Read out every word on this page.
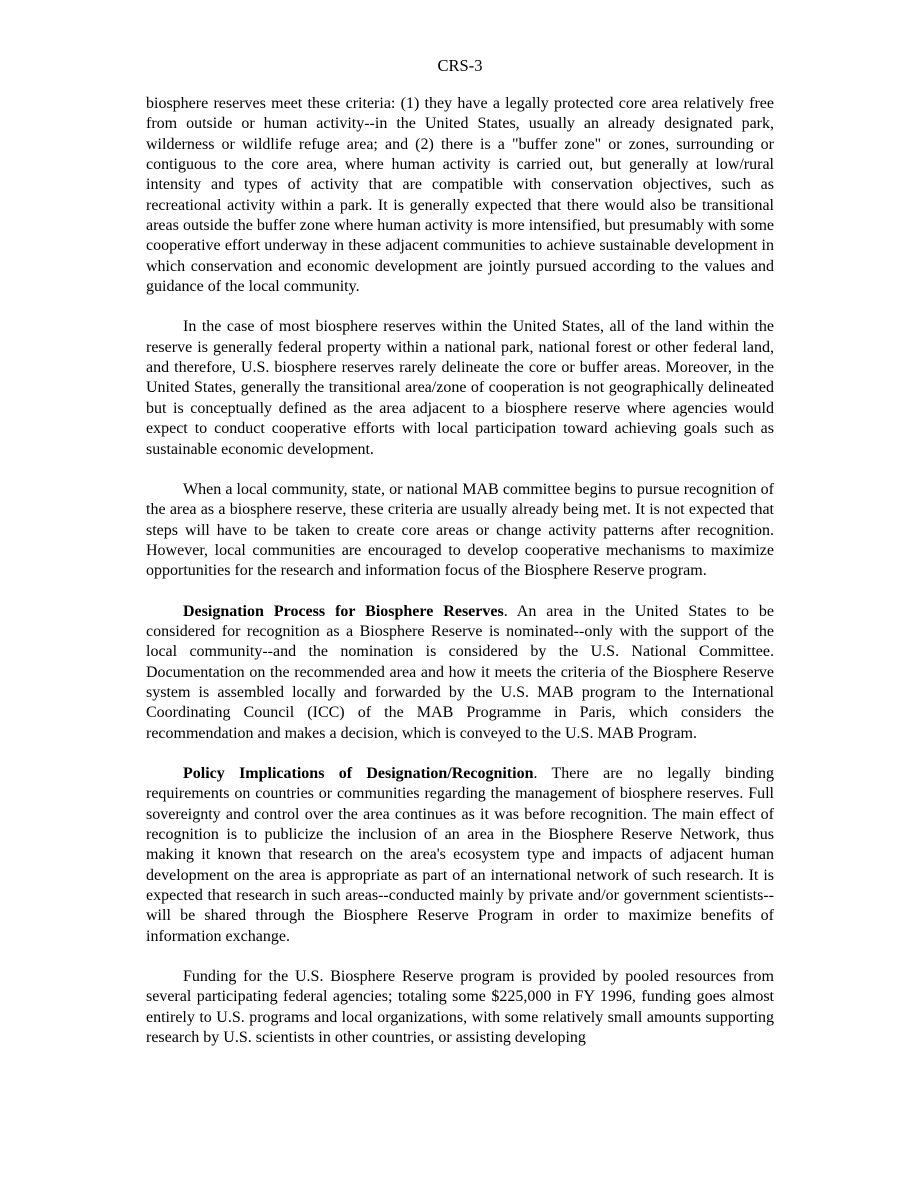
CRS-3

biosphere reserves meet these criteria: (1) they have a legally protected core area relatively free from outside or human activity--in the United States, usually an already designated park, wilderness or wildlife refuge area; and (2) there is a "buffer zone" or zones, surrounding or contiguous to the core area, where human activity is carried out, but generally at low/rural intensity and types of activity that are compatible with conservation objectives, such as recreational activity within a park. It is generally expected that there would also be transitional areas outside the buffer zone where human activity is more intensified, but presumably with some cooperative effort underway in these adjacent communities to achieve sustainable development in which conservation and economic development are jointly pursued according to the values and guidance of the local community.

In the case of most biosphere reserves within the United States, all of the land within the reserve is generally federal property within a national park, national forest or other federal land, and therefore, U.S. biosphere reserves rarely delineate the core or buffer areas. Moreover, in the United States, generally the transitional area/zone of cooperation is not geographically delineated but is conceptually defined as the area adjacent to a biosphere reserve where agencies would expect to conduct cooperative efforts with local participation toward achieving goals such as sustainable economic development.

When a local community, state, or national MAB committee begins to pursue recognition of the area as a biosphere reserve, these criteria are usually already being met. It is not expected that steps will have to be taken to create core areas or change activity patterns after recognition. However, local communities are encouraged to develop cooperative mechanisms to maximize opportunities for the research and information focus of the Biosphere Reserve program.

Designation Process for Biosphere Reserves. An area in the United States to be considered for recognition as a Biosphere Reserve is nominated--only with the support of the local community--and the nomination is considered by the U.S. National Committee. Documentation on the recommended area and how it meets the criteria of the Biosphere Reserve system is assembled locally and forwarded by the U.S. MAB program to the International Coordinating Council (ICC) of the MAB Programme in Paris, which considers the recommendation and makes a decision, which is conveyed to the U.S. MAB Program.

Policy Implications of Designation/Recognition. There are no legally binding requirements on countries or communities regarding the management of biosphere reserves. Full sovereignty and control over the area continues as it was before recognition. The main effect of recognition is to publicize the inclusion of an area in the Biosphere Reserve Network, thus making it known that research on the area's ecosystem type and impacts of adjacent human development on the area is appropriate as part of an international network of such research. It is expected that research in such areas--conducted mainly by private and/or government scientists--will be shared through the Biosphere Reserve Program in order to maximize benefits of information exchange.

Funding for the U.S. Biosphere Reserve program is provided by pooled resources from several participating federal agencies; totaling some $225,000 in FY 1996, funding goes almost entirely to U.S. programs and local organizations, with some relatively small amounts supporting research by U.S. scientists in other countries, or assisting developing
